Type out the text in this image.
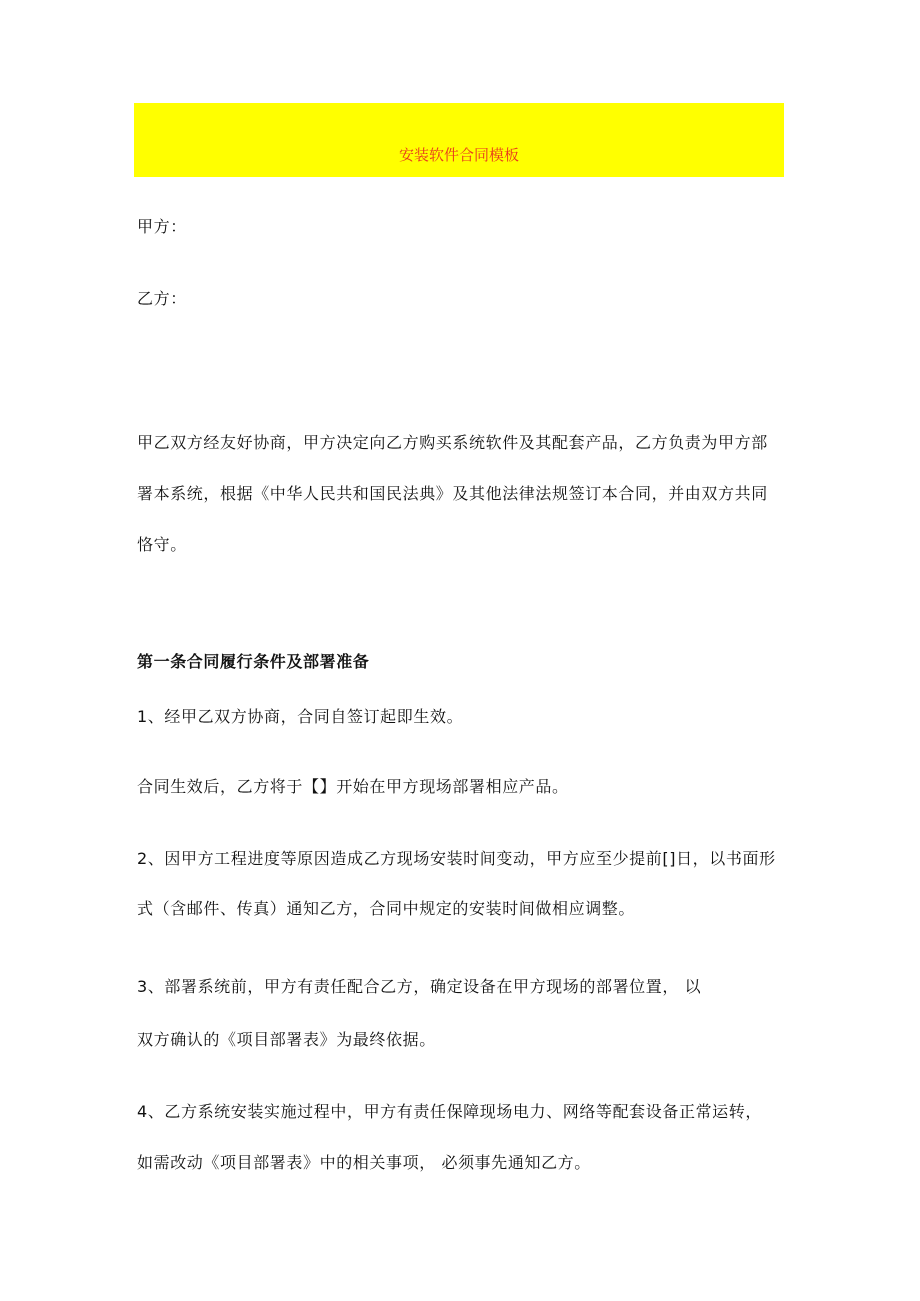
安装软件合同模板
甲方：
乙方：
甲乙双方经友好协商，甲方决定向乙方购买系统软件及其配套产品，乙方负责为甲方部
署本系统，根据《中华人民共和国民法典》及其他法律法规签订本合同，并由双方共同
恪守。
第一条合同履行条件及部署准备
1、经甲乙双方协商，合同自签订起即生效。
合同生效后，乙方将于【】开始在甲方现场部署相应产品。
2、因甲方工程进度等原因造成乙方现场安装时间变动，甲方应至少提前[]日，以书面形
式（含邮件、传真）通知乙方，合同中规定的安装时间做相应调整。
3、部署系统前，甲方有责任配合乙方，确定设备在甲方现场的部署位置， 以
双方确认的《项目部署表》为最终依据。
4、乙方系统安装实施过程中，甲方有责任保障现场电力、网络等配套设备正常运转，
如需改动《项目部署表》中的相关事项， 必须事先通知乙方。
